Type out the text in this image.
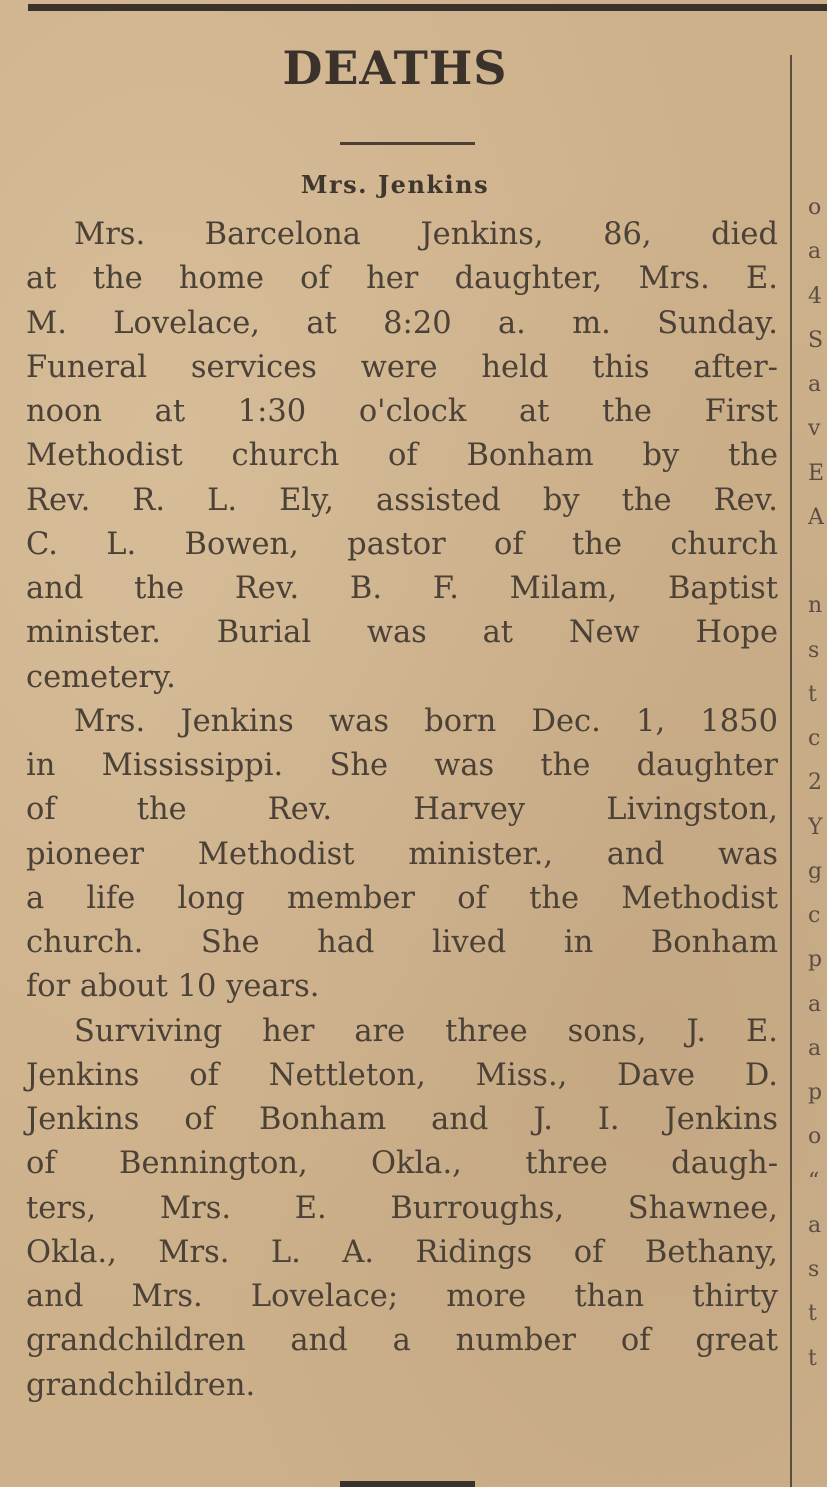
DEATHS
Mrs. Jenkins
Mrs. Barcelona Jenkins, 86, died
at the home of her daughter, Mrs. E.
M. Lovelace, at 8:20 a. m. Sunday.
Funeral services were held this after-
noon at 1:30 o'clock at the First
Methodist church of Bonham by the
Rev. R. L. Ely, assisted by the Rev.
C. L. Bowen, pastor of the church
and the Rev. B. F. Milam, Baptist
minister. Burial was at New Hope
cemetery.
Mrs. Jenkins was born Dec. 1, 1850
in Mississippi. She was the daughter
of the Rev. Harvey Livingston,
pioneer Methodist minister., and was
a life long member of the Methodist
church. She had lived in Bonham
for about 10 years.
Surviving her are three sons, J. E.
Jenkins of Nettleton, Miss., Dave D.
Jenkins of Bonham and J. I. Jenkins
of Bennington, Okla., three daugh-
ters, Mrs. E. Burroughs, Shawnee,
Okla., Mrs. L. A. Ridings of Bethany,
and Mrs. Lovelace; more than thirty
grandchildren and a number of great
grandchildren.
o
a
4
S
a
v
E
A
n
s
t
c
2
Y
g
c
p
a
a
p
o
“
a
s
t
t
